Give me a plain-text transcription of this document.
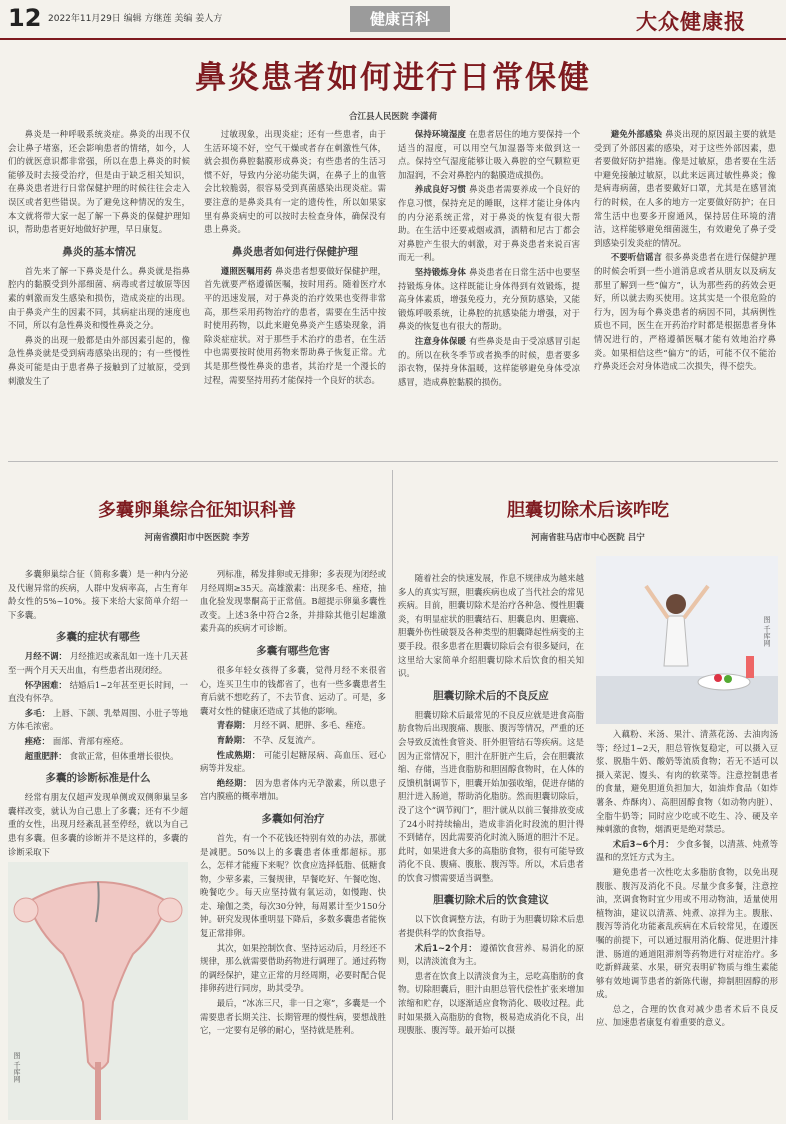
12 2022年11月29日 编辑 方继莲 美编 姜人方	健康百科	大众健康报
鼻炎患者如何进行日常保健
合江县人民医院 李潇荷

鼻炎是一种呼吸系统炎症。鼻炎的出现不仅会让鼻子堵塞，还会影响患者的情绪，如今，人们的就医意识都非常强，所以在患上鼻炎的时候能够及时去接受治疗，但是由于缺乏相关知识，在鼻炎患者进行日常保健护理的时候往往会走入误区或者犯些错误。为了避免这种情况的发生，本文就将带大家一起了解一下鼻炎的保健护理知识，帮助患者更好地做好护理，早日康复。

鼻炎的基本情况

首先来了解一下鼻炎是什么。鼻炎就是指鼻腔内的黏膜受到外部细菌、病毒或者过敏原等因素的刺激而发生感染和损伤，造成炎症的出现。由于鼻炎产生的因素不同，其病症出现的速度也不同，所以有急性鼻炎和慢性鼻炎之分。

鼻炎的出现一般都是由外部因素引起的，像急性鼻炎就是受到病毒感染出现的；有一些慢性鼻炎可能是由于患者鼻子接触到了过敏原，受到刺激发生了

过敏现象，出现炎症；还有一些患者，由于生活环境不好，空气干燥或者存在刺激性气体，就会损伤鼻腔黏膜形成鼻炎；有些患者的生活习惯不好，导致内分泌功能失调，在鼻子上的血管会比较脆弱，很容易受到真菌感染出现炎症。需要注意的是鼻炎具有一定的遗传性，所以如果家里有鼻炎病史的可以按时去检查身体，确保没有患上鼻炎。

鼻炎患者如何进行保健护理

遵照医嘱用药 鼻炎患者想要做好保健护理，首先就要严格遵循医嘱，按时用药。随着医疗水平的迅速发展，对于鼻炎的治疗效果也变得非常高，那些采用药物治疗的患者，需要在生活中按时使用药物，以此来避免鼻炎产生感染现象，消除炎症症状。对于那些手术治疗的患者，在生活中也需要按时使用药物来帮助鼻子恢复正常。尤其是那些慢性鼻炎的患者，其治疗是一个漫长的过程，需要坚持用药才能保持一个良好的状态。

保持环境湿度 在患者居住的地方要保持一个适当的湿度，可以用空气加湿器等来做到这一点。保持空气湿度能够让吸入鼻腔的空气颗粒更加湿润，不会对鼻腔内的黏膜造成损伤。

养成良好习惯 鼻炎患者需要养成一个良好的作息习惯，保持充足的睡眠，这样才能让身体内的内分泌系统正常，对于鼻炎的恢复有很大帮助。在生活中还要戒烟戒酒，酒精和尼古丁都会对鼻腔产生很大的刺激，对于鼻炎患者来说百害而无一利。

坚持锻炼身体 鼻炎患者在日常生活中也要坚持锻炼身体。这样既能让身体得到有效锻炼，提高身体素质，增强免疫力，充分预防感染，又能锻炼呼吸系统，让鼻腔的抗感染能力增强，对于鼻炎的恢复也有很大的帮助。

注意身体保暖 有些鼻炎是由于受凉感冒引起的。所以在秋冬季节或者换季的时候，患者要多添衣物，保持身体温暖，这样能够避免身体受凉感冒，造成鼻腔黏膜的损伤。

避免外部感染 鼻炎出现的原因最主要的就是受到了外部因素的感染，对于这些外部因素，患者要做好防护措施。像是过敏原，患者要在生活中避免接触过敏原，以此来远离过敏性鼻炎；像是病毒病菌，患者要戴好口罩，尤其是在感冒流行的时候，在人多的地方一定要做好防护；在日常生活中也要多开窗通风，保持居住环境的清洁，这样能够避免细菌滋生，有效避免了鼻子受到感染引发炎症的情况。

不要听信谣言 很多鼻炎患者在进行保健护理的时候会听到一些小道消息或者从朋友以及病友那里了解到一些“偏方”，认为那些药的药效会更好，所以就去购买使用。这其实是一个很危险的行为，因为每个鼻炎患者的病因不同，其病例性质也不同，医生在开药治疗时都是根据患者身体情况进行的，严格遵循医嘱才能有效地治疗鼻炎。如果相信这些“偏方”的话，可能不仅不能治疗鼻炎还会对身体造成二次损失，得不偿失。

多囊卵巢综合征知识科普
河南省濮阳市中医医院 李芳

多囊卵巢综合征（简称多囊）是一种内分泌及代谢异常的疾病，人群中发病率高，占生育年龄女性的5%~10%。接下来给大家简单介绍一下多囊。

多囊的症状有哪些

月经不调： 月经推迟或紊乱如一连十几天甚至一两个月天天出血，有些患者出现闭经。

怀孕困难： 结婚后1~2年甚至更长时间，一直没有怀孕。

多毛： 上唇、下颌、乳晕周围、小肚子等地方体毛浓密。

痤疮： 面部、背部有痤疮。

超重肥胖： 食欲正常，但体重增长很快。

多囊的诊断标准是什么

经常有朋友仅超声发现单侧或双侧卵巢呈多囊样改变，就认为自己患上了多囊；还有不少超重的女性，出现月经紊乱甚至停经，就以为自己患有多囊。但多囊的诊断并不是这样的，多囊的诊断采取下

图 千库网

列标准，稀发排卵或无排卵；多表现为闭经或月经周期≥35天。高雄激素：出现多毛、痤疮，抽血化验发现睾酮高于正常值。B超提示卵巢多囊性改变。上述3条中符合2条，并排除其他引起雄激素升高的疾病才可诊断。

多囊有哪些危害

很多年轻女孩得了多囊，觉得月经不来很省心，连买卫生巾的钱都省了，也有一些多囊患者生育后就不想吃药了，不去节食、运动了。可是，多囊对女性的健康还造成了其他的影响。

青春期： 月经不调、肥胖、多毛、痤疮。

育龄期： 不孕、反复流产。

性成熟期： 可能引起糖尿病、高血压、冠心病等并发症。

绝经期： 因为患者体内无孕激素，所以患子宫内膜癌的概率增加。

多囊如何治疗

首先，有一个不花钱还特别有效的办法，那就是减肥。50%以上的多囊患者体重都超标。那么，怎样才能瘦下来呢？饮食应选择低脂、低糖食物，少荤多素，三餐规律，早餐吃好、午餐吃饱、晚餐吃少。每天应坚持做有氧运动，如慢跑、快走、瑜伽之类，每次30分钟，每周累计至少150分钟。研究发现体重明显下降后，多数多囊患者能恢复正常排卵。

其次，如果控制饮食、坚持运动后，月经还不规律，那么就需要借助药物进行调理了。通过药物的调经保护，建立正常的月经周期，必要时配合促排卵药进行同房，助其受孕。

最后，“冰冻三尺，非一日之寒”，多囊是一个需要患者长期关注、长期管理的慢性病，要想战胜它，一定要有足够的耐心，坚持就是胜利。

胆囊切除术后该咋吃
河南省驻马店市中心医院 吕宁

随着社会的快速发展，作息不规律成为越来越多人的真实写照，胆囊疾病也成了当代社会的常见疾病。目前，胆囊切除术是治疗各种急、慢性胆囊炎，有明显症状的胆囊结石、胆囊息肉、胆囊癌、胆囊外伤性破裂及各种类型的胆囊降起性病变的主要手段。很多患者在胆囊切除后会有很多疑问，在这里给大家简单介绍胆囊切除术后饮食的相关知识。

胆囊切除术后的不良反应

胆囊切除术后最常见的不良反应就是进食高脂肪食物后出现腹痛、腹胀、腹泻等情况，严重的还会导致反流性食管炎、肝外胆管结石等疾病。这是因为正常情况下，胆汁在肝脏产生后，会在胆囊浓缩、存储，当进食脂肪和胆固醇食物时，在人体的反馈机制调节下，胆囊开始加强收缩，促进存储的胆汁进入肠道，帮助消化脂肪。然而胆囊切除后，没了这个“调节阀门”，胆汁就从以前三餐排放变成了24小时持续输出，造成非消化时段流的胆汁得不到储存，因此需要消化时流入肠道的胆汁不足。此时，如果进食大多的高脂肪食物，很有可能导致消化不良、腹痛、腹胀、腹泻等。所以，术后患者的饮食习惯需要适当调整。

胆囊切除术后的饮食建议

以下饮食调整方法，有助于为胆囊切除术后患者提供科学的饮食指导。

术后1~2个月： 遵循饮食营养、易消化的原则，以清淡流食为主。

患者在饮食上以清淡食为主，忌吃高脂肪的食物。切除胆囊后，胆汁由胆总管代偿性扩张来增加浓缩和贮存，以逐渐适应食物消化、吸收过程。此时如果摄入高脂肪的食物，极易造成消化不良，出现腹胀、腹泻等。最开始可以摄

图 千库网

入藕粉、米汤、果汁、清蒸花汤、去油肉汤等；经过1~2天，胆总管恢复稳定，可以摄入豆浆、脱脂牛奶、酸奶等流质食物；若无不适可以摄入菜泥、馒头、有肉的软菜等。注意控制患者的食量，避免胆道负担加大，如油炸食品（如炸薯条、炸酥肉）、高胆固醇食物（如动物内脏）、全脂牛奶等；同时应少吃或不吃生、冷、硬及辛辣刺激的食物，烟酒更是绝对禁忌。

术后3~6个月： 少食多餐，以清蒸、炖煮等温和的烹饪方式为主。

避免患者一次性吃太多脂肪食物，以免出现腹胀、腹泻及消化不良。尽量少食多餐，注意控油，烹调食物时宜少用或不用动物油，适量使用植物油，建议以清蒸、炖煮、凉拌为主。腹胀、腹泻等消化功能紊乱疾病在术后较常见，在遵医嘱的前提下，可以通过服用消化酶、促进胆汁排泄、肠道的通道阻滞剂等药物进行对症治疗。多吃新鲜蔬菜、水果，研究表明矿物质与维生素能够有效地调节患者的新陈代谢，抑制胆固醇的形成。

总之，合理的饮食对减少患者术后不良反应、加速患者康复有着重要的意义。
